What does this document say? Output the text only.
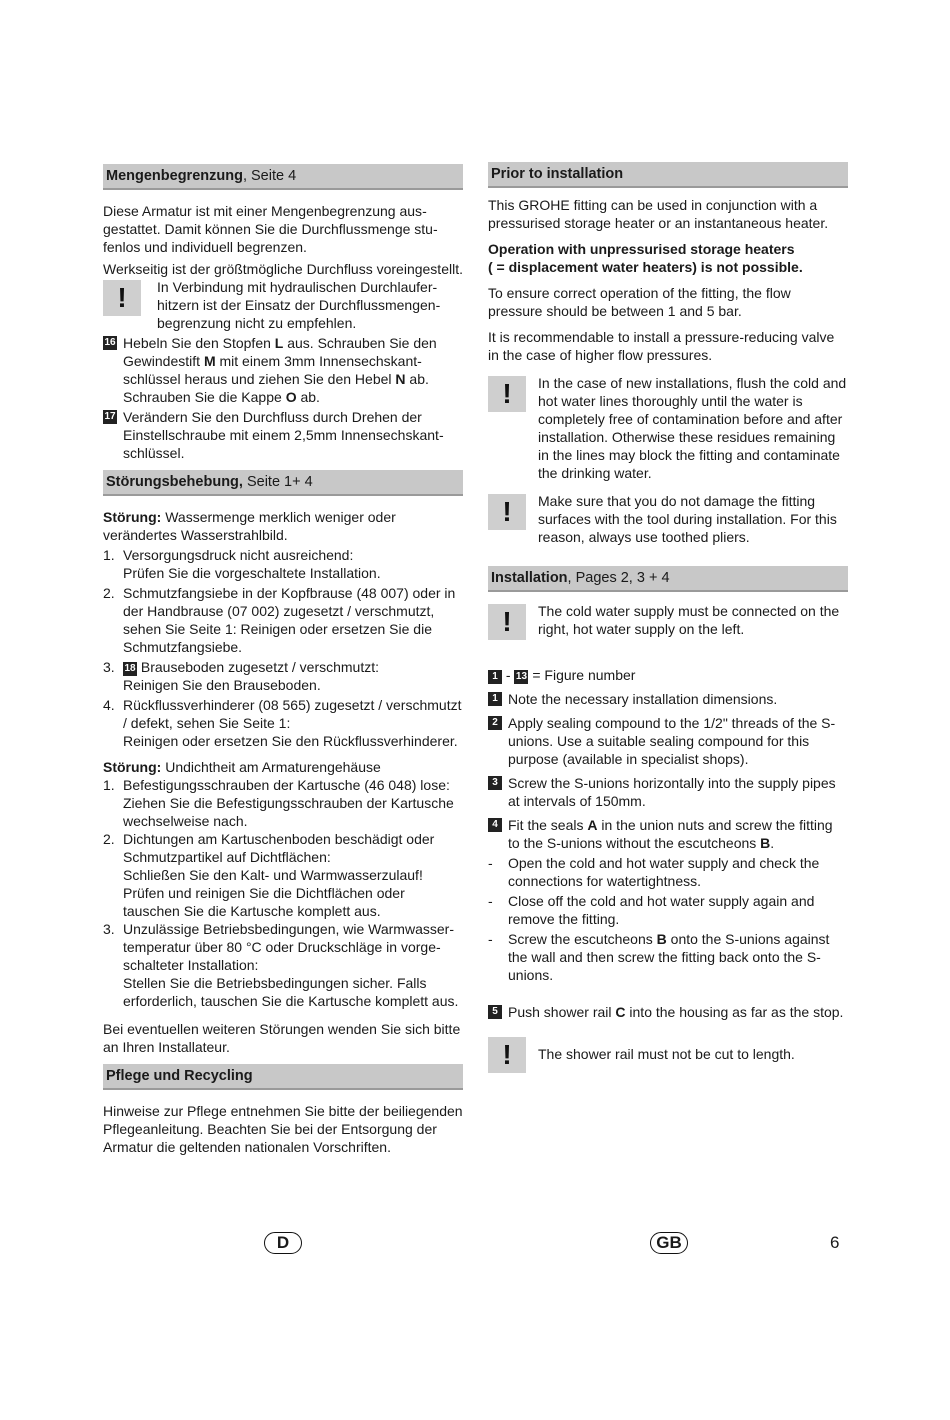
Mengenbegrenzung, Seite 4

Diese Armatur ist mit einer Mengenbegrenzung ausgestattet. Damit können Sie die Durchflussmenge stufenlos und individuell begrenzen.

Werkseitig ist der größtmögliche Durchfluss voreingestellt.

!	In Verbindung mit hydraulischen Durchlauferhitzern ist der Einsatz der Durchflussmengenbegrenzung nicht zu empfehlen.

16 Hebeln Sie den Stopfen L aus. Schrauben Sie den Gewindestift M mit einem 3mm Innensechskantschlüssel heraus und ziehen Sie den Hebel N ab. Schrauben Sie die Kappe O ab.
17 Verändern Sie den Durchfluss durch Drehen der Einstellschraube mit einem 2,5mm Innensechskantschlüssel.
Störungsbehebung, Seite 1+ 4

Störung: Wassermenge merklich weniger oder verändertes Wasserstrahlbild.

1. Versorgungsdruck nicht ausreichend:
Prüfen Sie die vorgeschaltete Installation.
2. Schmutzfangsiebe in der Kopfbrause (48 007) oder in der Handbrause (07 002) zugesetzt / verschmutzt, sehen Sie Seite 1: Reinigen oder ersetzen Sie die Schmutzfangsiebe.
3. 18 Brauseboden zugesetzt / verschmutzt:
Reinigen Sie den Brauseboden.
4. Rückflussverhinderer (08 565) zugesetzt / verschmutzt / defekt, sehen Sie Seite 1:
Reinigen oder ersetzen Sie den Rückflussverhinderer.

Störung: Undichtheit am Armaturengehäuse

1. Befestigungsschrauben der Kartusche (46 048) lose: Ziehen Sie die Befestigungsschrauben der Kartusche wechselweise nach.
2. Dichtungen am Kartuschenboden beschädigt oder Schmutzpartikel auf Dichtflächen:
Schließen Sie den Kalt- und Warmwasserzulauf!
Prüfen und reinigen Sie die Dichtflächen oder tauschen Sie die Kartusche komplett aus.
3. Unzulässige Betriebsbedingungen, wie Warmwassertemperatur über 80 °C oder Druckschläge in vorgeschalteter Installation:
Stellen Sie die Betriebsbedingungen sicher. Falls erforderlich, tauschen Sie die Kartusche komplett aus.

Bei eventuellen weiteren Störungen wenden Sie sich bitte an Ihren Installateur.

Pflege und Recycling

Hinweise zur Pflege entnehmen Sie bitte der beiliegenden Pflegeanleitung. Beachten Sie bei der Entsorgung der Armatur die geltenden nationalen Vorschriften.

Prior to installation

This GROHE fitting can be used in conjunction with a pressurised storage heater or an instantaneous heater.

Operation with unpressurised storage heaters
( = displacement water heaters) is not possible.

To ensure correct operation of the fitting, the flow pressure should be between 1 and 5 bar.

It is recommendable to install a pressure-reducing valve in the case of higher flow pressures.

!	In the case of new installations, flush the cold and hot water lines thoroughly until the water is completely free of contamination before and after installation. Otherwise these residues remaining in the lines may block the fitting and contaminate the drinking water.

!	Make sure that you do not damage the fitting surfaces with the tool during installation. For this reason, always use toothed pliers.

Installation, Pages 2, 3 + 4
!	The cold water supply must be connected on the right, hot water supply on the left.

1 - 13 = Figure number

1 Note the necessary installation dimensions.
2 Apply sealing compound to the 1/2" threads of the S-unions. Use a suitable sealing compound for this purpose (available in specialist shops).
3 Screw the S-unions horizontally into the supply pipes at intervals of 150mm.
4 Fit the seals A in the union nuts and screw the fitting to the S-unions without the escutcheons B.
- Open the cold and hot water supply and check the connections for watertightness.
- Close off the cold and hot water supply again and remove the fitting.
- Screw the escutcheons B onto the S-unions against the wall and then screw the fitting back onto the S-unions.
5 Push shower rail C into the housing as far as the stop.
!	The shower rail must not be cut to length.

D	GB	6
